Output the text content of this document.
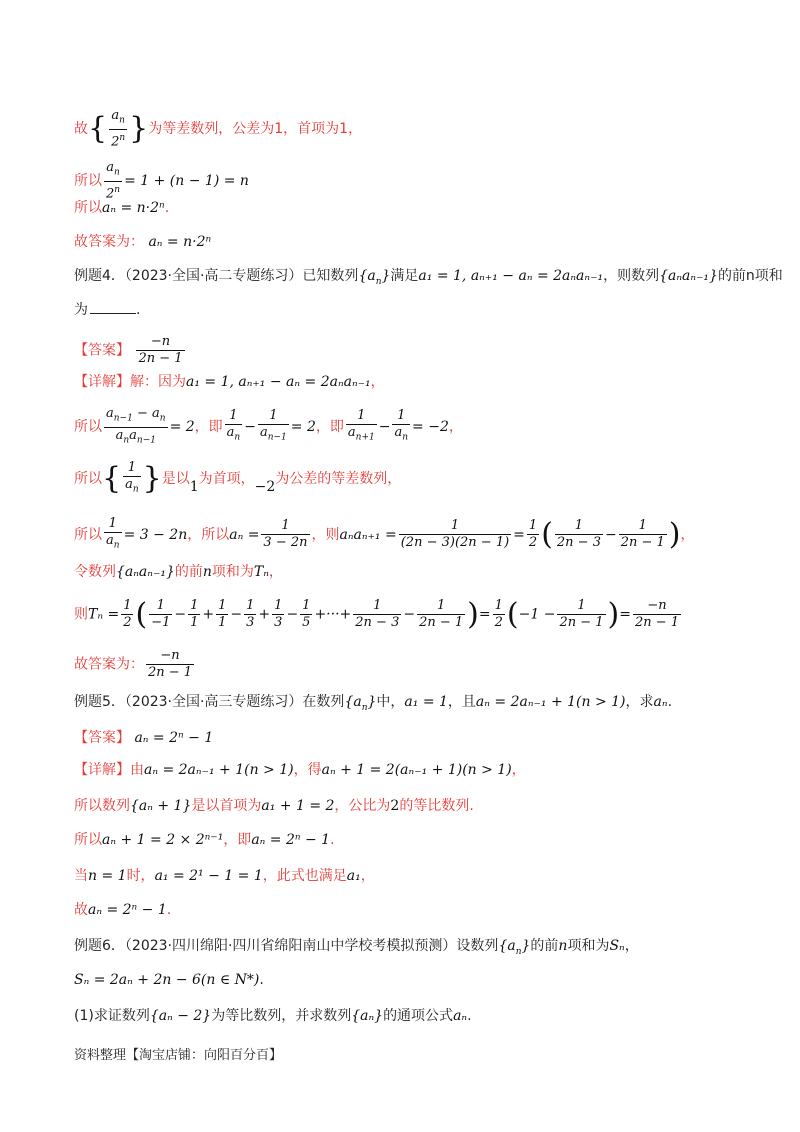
故{ $\frac{a_n}{2^n}$ }为等差数列，公差为1，首项为1，
所以 $\frac{a_n}{2^n} = 1 + (n - 1) = n$
所以aₙ = n·2ⁿ.
故答案为： aₙ = n·2ⁿ
例题4．（2023·全国·高二专题练习）已知数列$\{a_n\}$满足a₁ = 1, aₙ₊₁ − aₙ = 2aₙaₙ₋₁，则数列{aₙaₙ₋₁}的前n项和
为	.
【答案】 $\frac{-n}{2n - 1}$
【详解】解：因为a₁ = 1, aₙ₊₁ − aₙ = 2aₙaₙ₋₁，
所以 $\frac{a_{n-1} - a_n}{a_na_{n-1}} = 2$，即 $\frac{1}{a_n} - \frac{1}{a_{n-1}} = 2$，即 $\frac{1}{a_{n+1}} - \frac{1}{a_n} = -2$，
所以{ $\frac{1}{a_n}$ }是以1为首项，−2为公差的等差数列，
所以 $\frac{1}{a_n} = 3 - 2n$，所以$a_n = \frac{1}{3 - 2n}$ ，则$a_na_{n+1} = \frac{1}{(2n - 3)(2n - 1)} = \frac{1}{2}$ ( $\frac{1}{2n - 3} - \frac{1}{2n - 1}$ )，
令数列{aₙaₙ₋₁}的前n项和为Tₙ，
则$T_n = \frac{1}{2}$ ( $\frac{1}{-1} - \frac{1}{1} + \frac{1}{1} - \frac{1}{3} + \frac{1}{3} - \frac{1}{5}$ +···+ $\frac{1}{2n - 3} - \frac{1}{2n - 1}$ )= $\frac{1}{2} (-1 - \frac{1}{2n - 1}$ )= $\frac{-n}{2n - 1}$
故答案为： $\frac{-n}{2n - 1}$
例题5．（2023·全国·高三专题练习）在数列$\{a_n\}$中，a₁ = 1，且aₙ = 2aₙ₋₁ + 1(n > 1)，求aₙ.
【答案】 aₙ = 2ⁿ − 1
【详解】由aₙ = 2aₙ₋₁ + 1(n > 1)，得aₙ + 1 = 2(aₙ₋₁ + 1)(n > 1)，
所以数列{aₙ + 1}是以首项为a₁ + 1 = 2，公比为2的等比数列.
所以aₙ + 1 = 2 × 2ⁿ⁻¹，即aₙ = 2ⁿ − 1.
当n = 1时，a₁ = 2¹ − 1 = 1，此式也满足a₁，
故aₙ = 2ⁿ − 1.
例题6．（2023·四川绵阳·四川省绵阳南山中学校考模拟预测）设数列$\{a_n\}$的前n项和为Sₙ，
Sₙ = 2aₙ + 2n − 6(n ∈ N*).
(1)求证数列{aₙ − 2}为等比数列，并求数列{aₙ}的通项公式aₙ.
资料整理【淘宝店铺：向阳百分百】
